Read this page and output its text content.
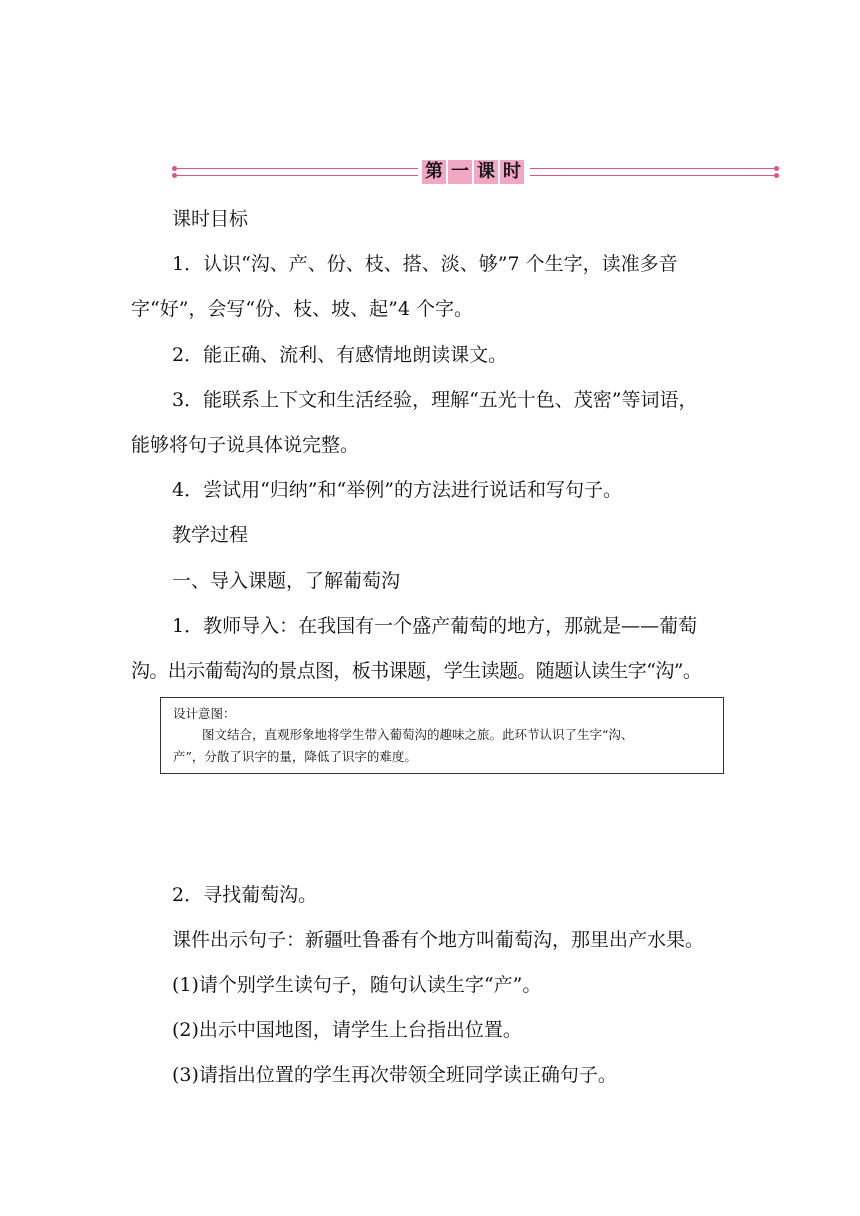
第 一 课 时
课时目标
1．认识“沟、产、份、枝、搭、淡、够”7 个生字，读准多音
字“好”，会写“份、枝、坡、起”4 个字。
2．能正确、流利、有感情地朗读课文。
3．能联系上下文和生活经验，理解“五光十色、茂密”等词语，
能够将句子说具体说完整。
4．尝试用“归纳”和“举例”的方法进行说话和写句子。
教学过程
一、导入课题，了解葡萄沟
1．教师导入：在我国有一个盛产葡萄的地方，那就是——葡萄
沟。出示葡萄沟的景点图，板书课题，学生读题。随题认读生字“沟”。
设计意图：
图文结合，直观形象地将学生带入葡萄沟的趣味之旅。此环节认识了生字“沟、
产”，分散了识字的量，降低了识字的难度。
2．寻找葡萄沟。
课件出示句子：新疆吐鲁番有个地方叫葡萄沟，那里出产水果。
(1)请个别学生读句子，随句认读生字“产”。
(2)出示中国地图，请学生上台指出位置。
(3)请指出位置的学生再次带领全班同学读正确句子。
